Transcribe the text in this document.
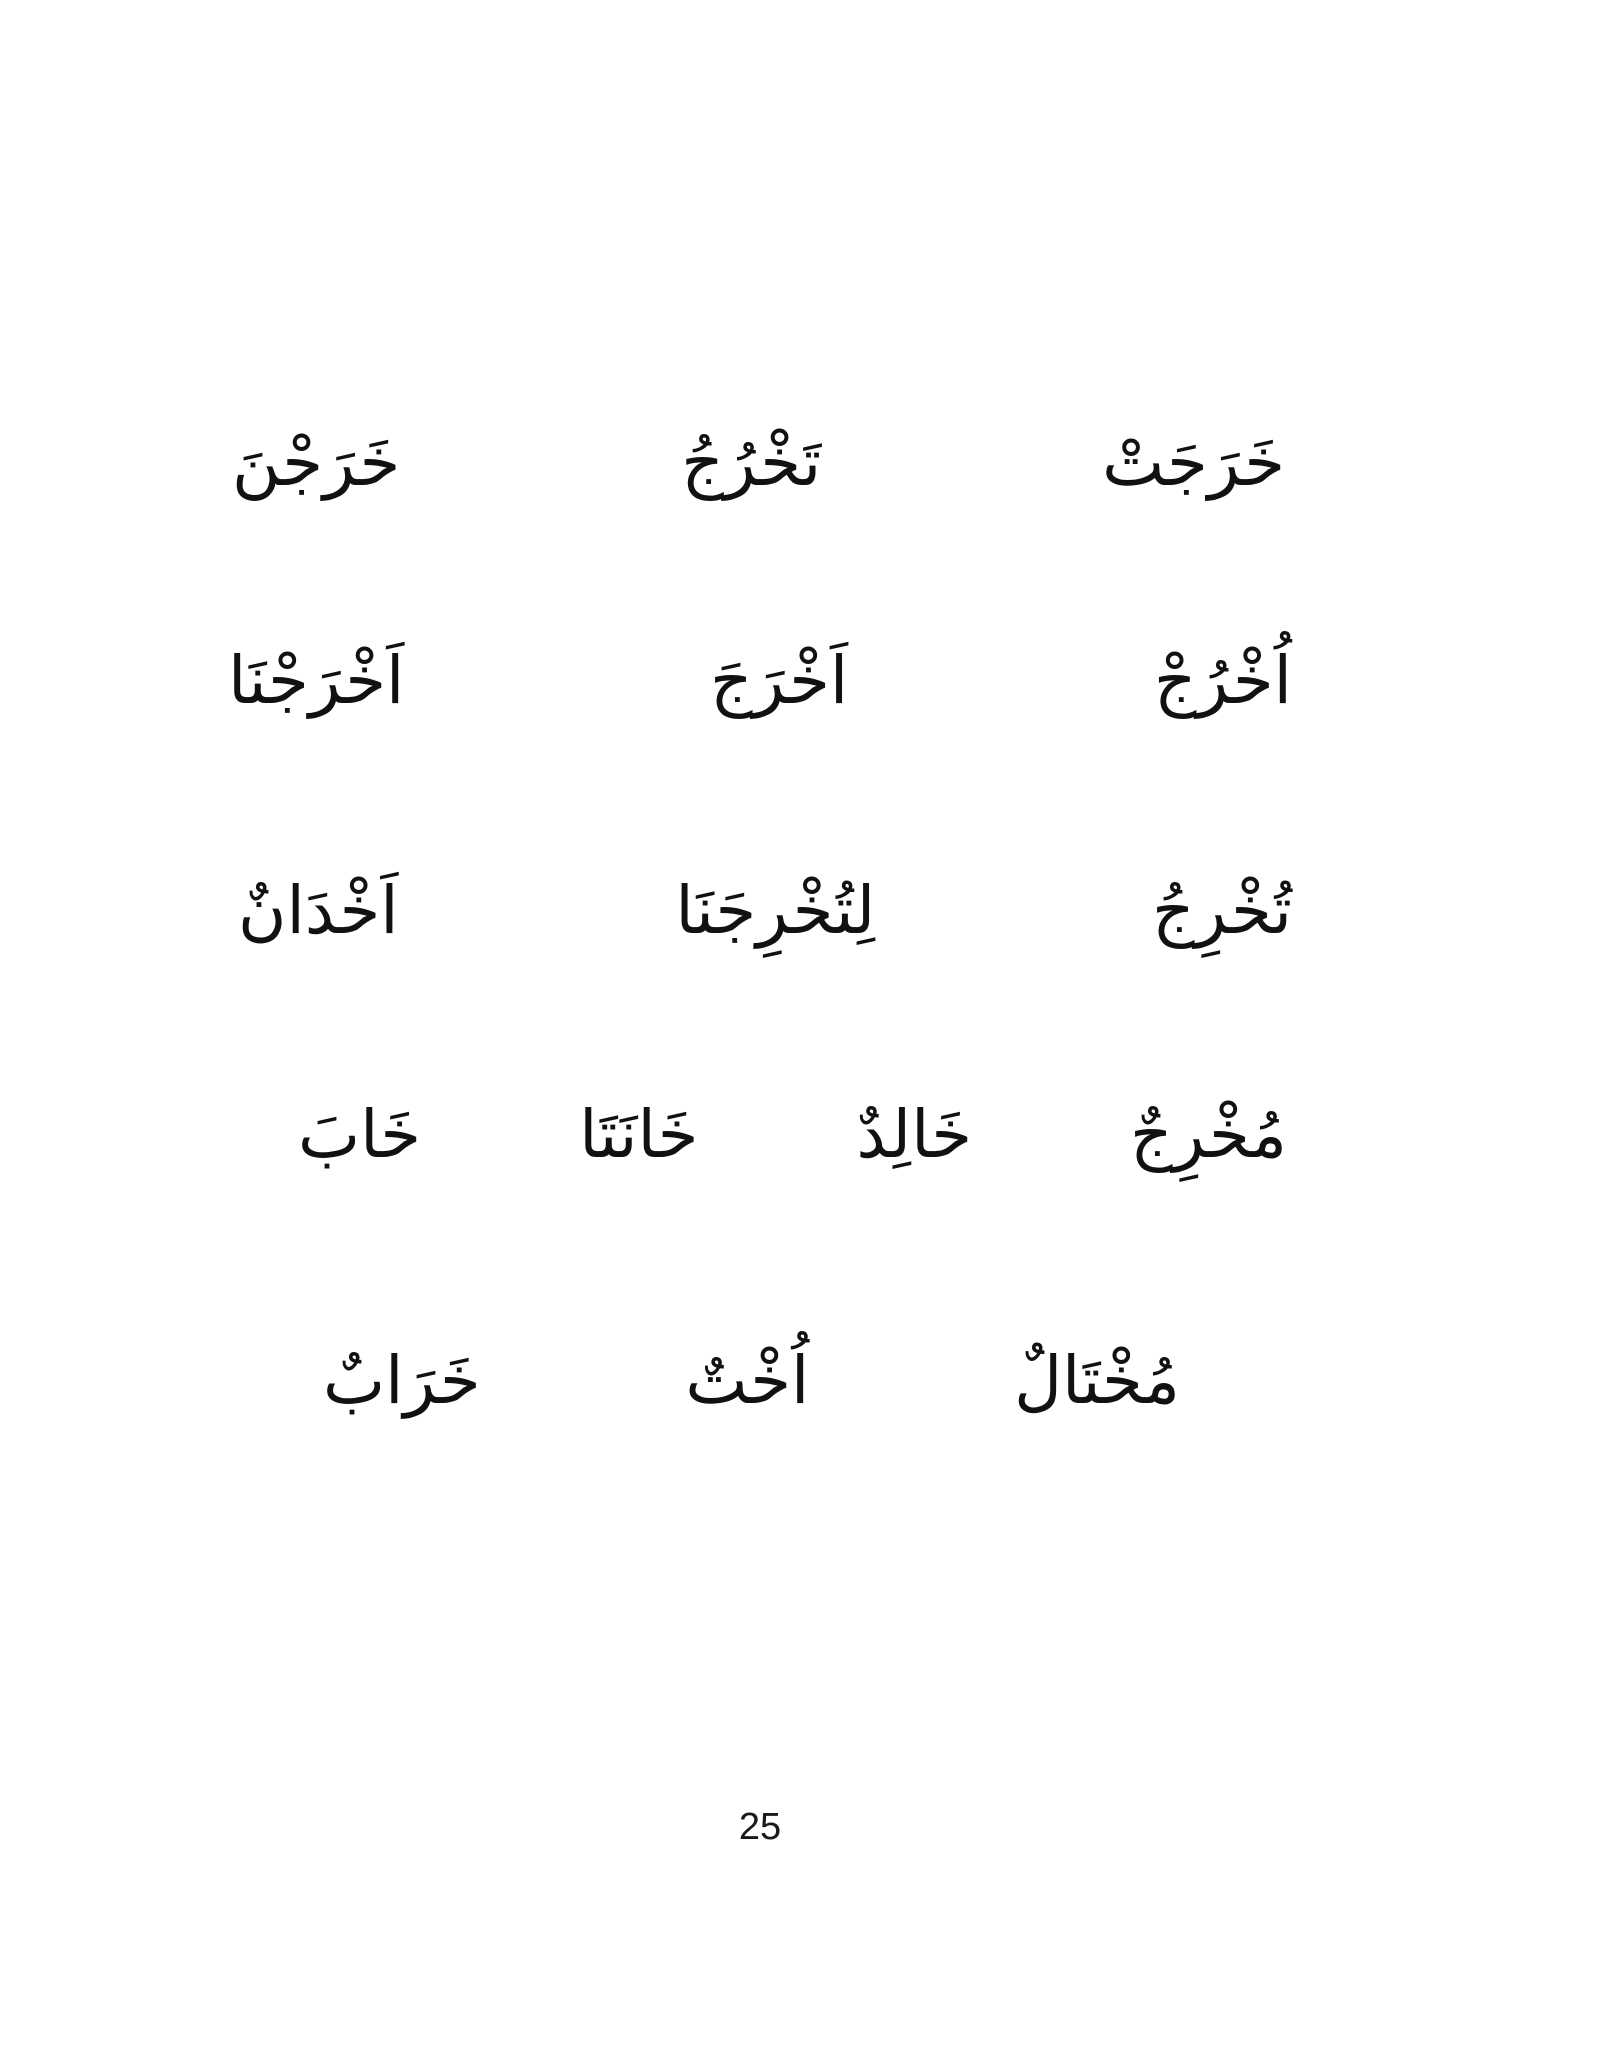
خَرَجَتْ
تَخْرُجُ
خَرَجْنَ
اُخْرُجْ
اَخْرَجَ
اَخْرَجْنَا
تُخْرِجُ
لِتُخْرِجَنَا
اَخْدَانٌ
مُخْرِجٌ
خَالِدٌ
خَانَتَا
خَابَ
مُخْتَالٌ
اُخْتٌ
خَرَابٌ
25
